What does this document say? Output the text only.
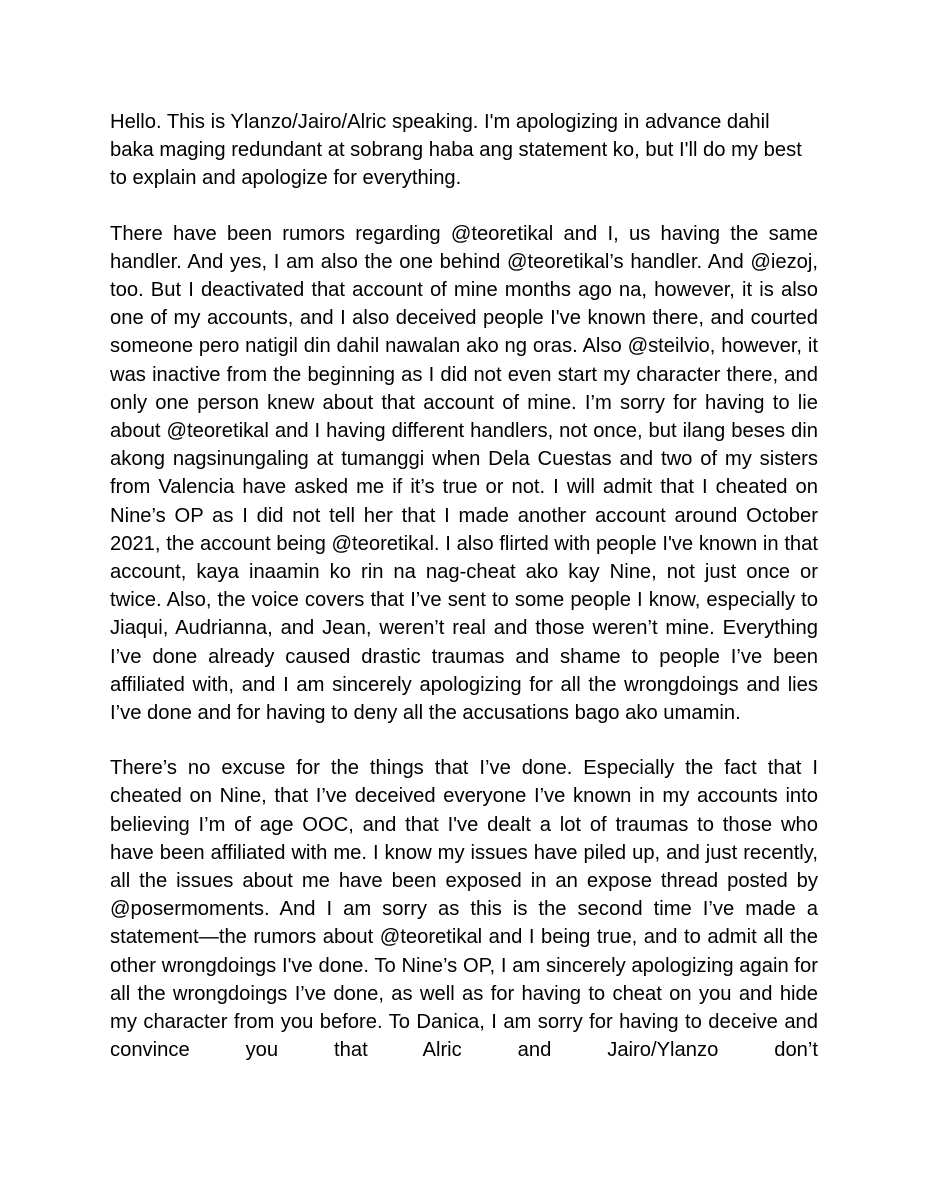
Hello. This is Ylanzo/Jairo/Alric speaking. I'm apologizing in advance dahil baka maging redundant at sobrang haba ang statement ko, but I'll do my best to explain and apologize for everything.

There have been rumors regarding @teoretikal and I, us having the same handler. And yes, I am also the one behind @teoretikal’s handler. And @iezoj, too. But I deactivated that account of mine months ago na, however, it is also one of my accounts, and I also deceived people I've known there, and courted someone pero natigil din dahil nawalan ako ng oras. Also @steilvio, however, it was inactive from the beginning as I did not even start my character there, and only one person knew about that account of mine. I’m sorry for having to lie about @teoretikal and I having different handlers, not once, but ilang beses din akong nagsinungaling at tumanggi when Dela Cuestas and two of my sisters from Valencia have asked me if it’s true or not. I will admit that I cheated on Nine’s OP as I did not tell her that I made another account around October 2021, the account being @teoretikal. I also flirted with people I've known in that account, kaya inaamin ko rin na nag-cheat ako kay Nine, not just once or twice. Also, the voice covers that I’ve sent to some people I know, especially to Jiaqui, Audrianna, and Jean, weren’t real and those weren’t mine. Everything I’ve done already caused drastic traumas and shame to people I’ve been affiliated with, and I am sincerely apologizing for all the wrongdoings and lies I’ve done and for having to deny all the accusations bago ako umamin.

There’s no excuse for the things that I’ve done. Especially the fact that I cheated on Nine, that I’ve deceived everyone I’ve known in my accounts into believing I’m of age OOC, and that I've dealt a lot of traumas to those who have been affiliated with me. I know my issues have piled up, and just recently, all the issues about me have been exposed in an expose thread posted by @posermoments. And I am sorry as this is the second time I’ve made a statement—the rumors about @teoretikal and I being true, and to admit all the other wrongdoings I've done. To Nine’s OP, I am sincerely apologizing again for all the wrongdoings I’ve done, as well as for having to cheat on you and hide my character from you before. To Danica, I am sorry for having to deceive and convince you that Alric and Jairo/Ylanzo don’t
